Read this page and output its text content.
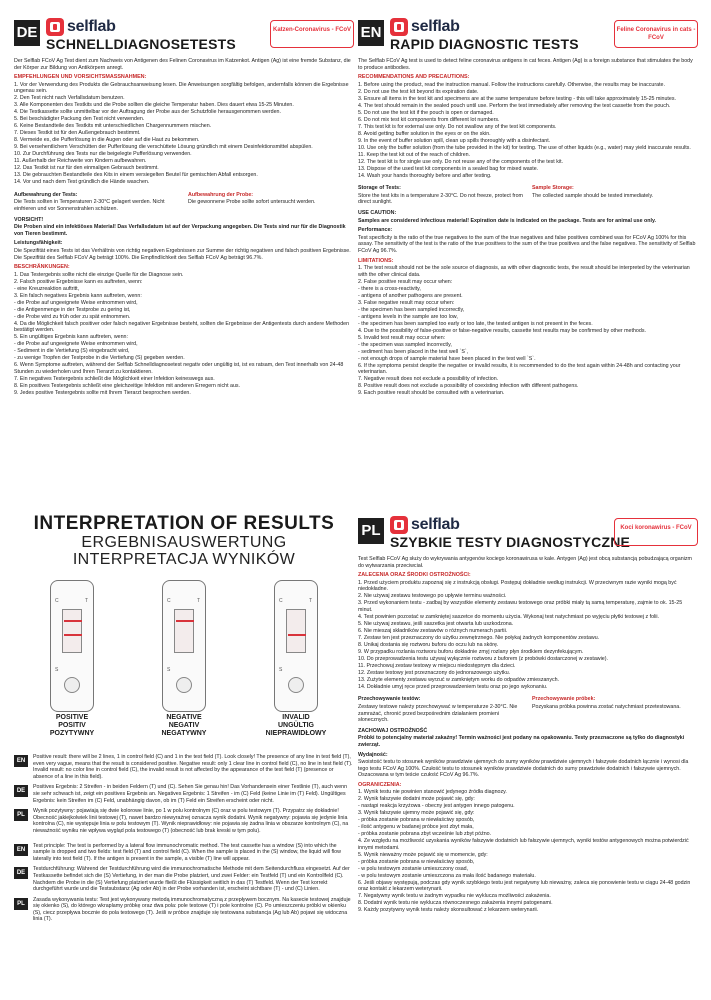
DE selflab
SCHNELLDIAGNOSETESTS
Katzen-Coronavirus - FCoV

Der Selflab FCoV Ag Test dient zum Nachweis von Antigenen des Felinen Coronavirus im Katzenkot. Antigen (Ag) ist eine fremde Substanz, die der Körper zur Bildung von Antikörpern anregt.

EMPFEHLUNGEN UND VORSICHTSMASSNAHMEN:

1. Vor der Verwendung des Produkts die Gebrauchsanweisung lesen. Die Anweisungen sorgfältig befolgen, andernfalls können die Ergebnisse ungenau sein.

2. Den Test nicht nach Verfallsdatum benutzen.

3. Alle Komponenten des Testkits und die Probe sollten die gleiche Temperatur haben. Dies dauert etwa 15-25 Minuten.

4. Die Testkassette sollte unmittelbar vor der Auftragung der Probe aus der Schutzfolie herausgenommen werden.

5. Bei beschädigter Packung den Test nicht verwenden.

6. Keine Bestandteile des Testkits mit unterschiedlichen Chargennummern mischen.

7. Dieses Testkit ist für den Außengebrauch bestimmt.

8. Vermeide es, die Pufferlösung in die Augen oder auf die Haut zu bekommen.

9. Bei versehentlichem Verschütten der Pufferlösung die verschüttete Lösung gründlich mit einem Desinfektionsmittel abspülen.

10. Zur Durchführung des Tests nur die beigelegte Pufferlösung verwenden.

11. Außerhalb der Reichweite von Kindern aufbewahren.

12. Das Testkit ist nur für den einmaligen Gebrauch bestimmt.

13. Die gebrauchten Bestandteile des Kits in einem versiegelten Beutel für gemischten Abfall entsorgen.

14. Vor und nach dem Test gründlich die Hände waschen.

Aufbewahrung der Tests:

Die Tests sollten in Temperaturen 2-30°C gelagert werden. Nicht einfrieren und vor Sonnenstrahlen schützen.

Aufbewahrung der Probe:

Die gewonnene Probe sollte sofort untersucht werden.

VORSICHT!

Die Proben sind ein infektiöses Material! Das Verfallsdatum ist auf der Verpackung angegeben. Die Tests sind nur für die Diagnostik von Tieren bestimmt.

Leistungsfähigkeit:

Die Spezifität eines Tests ist das Verhältnis von richtig negativen Ergebnissen zur Summe der richtig negativen und falsch positiven Ergebnisse. Die Spezifität des Selflab FCoV Ag beträgt 100%. Die Empfindlichkeit des Selflab FCoV Ag beträgt 96.7%.

BESCHRÄNKUNGEN:

1. Das Testergebnis sollte nicht die einzige Quelle für die Diagnose sein.

2. Falsch positive Ergebnisse kann es auftreten, wenn:

- eine Kreuzreaktion auftritt,

3. Ein falsch negatives Ergebnis kann auftreten, wenn:

- die Probe auf ungeeignete Weise entnommen wird,

- die Antigenmenge in der Testprobe zu gering ist,

- die Probe wird zu früh oder zu spät entnommen.

4. Da die Möglichkeit falsch positiver oder falsch negativer Ergebnisse besteht, sollten die Ergebnisse der Antigentests durch andere Methoden bestätigt werden.

5. Ein ungültiges Ergebnis kann auftreten, wenn:

- die Probe auf ungeeignete Weise entnommen wird,

- Sediment in die Vertiefung (S) eingebracht wird,

- zu wenige Tropfen der Testprobe in die Vertiefung (S) gegeben werden.

6. Wenn Symptome auftreten, während der Selflab Schnelldiagnosetest negativ oder ungültig ist, ist es ratsam, den Test innerhalb von 24-48 Stunden zu wiederholen und Ihren Tierarzt zu kontaktieren.

7. Ein negatives Testergebnis schließt die Möglichkeit einer Infektion keineswegs aus.

8. Ein positives Testergebnis schließt eine gleichzeitige Infektion mit anderen Erregern nicht aus.

9. Jedes positive Testergebnis sollte mit Ihrem Tierarzt besprochen werden.

EN selflab
RAPID DIAGNOSTIC TESTS
Feline Coronavirus in cats - FCoV

The Selflab FCoV Ag test is used to detect feline coronavirus antigens in cat feces. Antigen (Ag) is a foreign substance that stimulates the body to produce antibodies.

RECOMMENDATIONS AND PRECAUTIONS:

1. Before using the product, read the instruction manual. Follow the instructions carefully. Otherwise, the results may be inaccurate.

2. Do not use the test kit beyond its expiration date.

3. Ensure all items in the test kit and specimens are at the same temperature before testing - this will take approximately 15-25 minutes.

4. The test should remain in the sealed pouch until use. Perform the test immediately after removing the test cassette from the pouch.

5. Do not use the test kit if the pouch is open or damaged.

6. Do not mix test kit components from different lot numbers.

7. This test kit is for external use only. Do not swallow any of the test kit components.

8. Avoid getting buffer solution in the eyes or on the skin.

9. In the event of buffer solution spill, clean up spills thoroughly with a disinfectant.

10. Use only the buffer solution (from the tube provided in the kit) for testing. The use of other liquids (e.g., water) may yield inaccurate results.

11. Keep the test kit out of the reach of children.

12. The test kit is for single use only. Do not reuse any of the components of the test kit.

13. Dispose of the used test kit components in a sealed bag for mixed waste.

14. Wash your hands thoroughly before and after testing.

Storage of Tests:

Store the test kits in a temperature 2-30°C. Do not freeze, protect from direct sunlight.

Sample Storage:

The collected sample should be tested immediately.

USE CAUTION:

Samples are considered infectious material! Expiration date is indicated on the package. Tests are for animal use only.

Performance:

Test specificity is the ratio of the true negatives to the sum of the true negatives and false positives combined was for FCoV Ag 100% for this assay. The sensitivity of the test is the ratio of the true positives to the sum of the true positives and the false negatives. The sensitivity of Selflab FCoV Ag 96.7%.

LIMITATIONS:

1. The test result should not be the sole source of diagnosis, as with other diagnostic tests, the result should be interpreted by the veterinarian with the other clinical data.

2. False positive result may occur when:

- there is a cross-reactivity,

- antigens of another pathogens are present.

3. False negative result may occur when:

- the specimen has been sampled incorrectly,

- antigens levels in the sample are too low,

- the specimen has been sampled too early or too late, the tested antigen is not present in the feces.

4. Due to the possibility of false-positive or false-negative results, cassette test results may be confirmed by other methods.

5. Invalid test result may occur when:

- the specimen was sampled incorrectly,

- sediment has been placed in the test well `S`,

- not enough drops of sample material have been placed in the test well `S`.

6. If the symptoms persist despite the negative or invalid results, it is recommended to do the test again within 24-48h and contacting your veterinarian.

7. Negative result does not exclude a possibility of infection.

8. Positive result does not exclude a possibility of coexisting infection with different pathogens.

9. Each positive result should be consulted with a veterinarian.

INTERPRETATION OF RESULTS
ERGEBNISAUSWERTUNG
INTERPRETACJA WYNIKÓW
C	T
S
C	T
S
C	T
S
POSITIVE
POSITIV
POZYTYWNY
NEGATIVE
NEGATIV
NEGATYWNY
INVALID
UNGÜLTIG
NIEPRAWIDŁOWY
EN
Positive result: there will be 2 lines, 1 in control field (C) and 1 in the test field (T). Look closely! The presence of any line in test field (T), even very vague, means that the result is considered positive. Negative result: only 1 clear line in control field (C), no line in test field (T). Invalid result: no color line in control field (C), the invalid result is not affected by the appearance of the test field (T) (presence or absence of a line in this field).
DE
Positives Ergebnis: 2 Streifen - in beiden Feldern (T) und (C). Sehen Sie genau hin! Das Vorhandensein einer Testlinie (T), auch wenn sie sehr schwach ist, zeigt ein positives Ergebnis an. Negatives Ergebnis: 1 Streifen - im (C) Feld (keine Linie im (T) Feld). Ungültiges Ergebnis: kein Streifen im (C) Feld, unabhängig davon, ob im (T) Feld ein Streifen erscheint oder nicht.
PL
Wynik pozytywny: pojawiają się dwie kolorowe linie, po 1 w polu kontrolnym (C) oraz w polu testowym (T). Przypatrz się dokładnie! Obecność jakiejkolwiek linii testowej (T), nawet bardzo niewyraźnej oznacza wynik dodatni. Wynik negatywny: pojawia się jedynie linia kontrolna (C), nie występuje linia w polu testowym (T). Wynik nieprawidłowy: nie pojawia się żadna linia w obszarze kontrolnym (C), na nieważność wyniku nie wpływa wygląd pola testowego (T) (obecność lub brak kreski w tym polu).
EN
Test principle: The test is performed by a lateral flow immunochromatic method. The test cassette has a window (S) into which the sample is dropped and two fields: test field (T) and control field (C). When the sample is placed in the (S) window, the liquid will flow laterally into test field (T). If the antigen is present in the sample, a visible (T) line will appear.
DE
Testdurchführung: Während der Testdurchführung wird die immunochromatische Methode mit dem Seitendurchfluss eingesetzt. Auf der Testkassette befindet sich die (S) Vertiefung, in der man die Probe platziert, und zwei Felder: ein Testfeld (T) und ein Kontrollfeld (C). Nachdem die Probe in die (S) Vertiefung platziert wurde fließt die Flüssigkeit seitlich in das (T) Testfeld. Wenn der Test korrekt durchgeführt wurde und die Testsubstanz (Ag oder Ab) in der Probe vorhanden ist, erscheint sichtbare (T) - und (C) Linien.
PL
Zasada wykonywania testu: Test jest wykonywany metodą immunochromatyczną z przepływem bocznym. Na kasecie testowej znajduje się okienko (S), do którego wkraplamy próbkę oraz dwa pola: pole testowe (T) i pole kontrolne (C). Po umieszczeniu próbki w okienku (S), ciecz przepływa bocznie do pola testowego (T). Jeśli w próbce znajduje się testowana substancja (Ag lub Ab) pojawi się widoczna linia (T).
PL selflab
SZYBKIE TESTY DIAGNOSTYCZNE
Koci koronawirus - FCoV

Test Selflab FCoV Ag służy do wykrywania antygenów kociego koronawirusa w kale. Antygen (Ag) jest obcą substancją pobudzającą organizm do wytwarzania przeciwciał.

ZALECENIA ORAZ ŚRODKI OSTROŻNOŚCI:

1. Przed użyciem produktu zapoznaj się z instrukcją obsługi. Postępuj dokładnie według instrukcji. W przeciwnym razie wyniki mogą być niedokładne.

2. Nie używaj zestawu testowego po upływie terminu ważności.

3. Przed wykonaniem testu - zadbaj by wszystkie elementy zestawu testowego oraz próbki miały tą samą temperaturę, zajmie to ok. 15-25 minut.

4. Test powinien pozostać w zamkniętej saszetce do momentu użycia. Wykonaj test natychmiast po wyjęciu płytki testowej z folii.

5. Nie używaj zestawu, jeśli saszetka jest otwarta lub uszkodzona.

6. Nie mieszaj składników zestawów o różnych numerach partii.

7. Zestaw ten jest przeznaczony do użytku zewnętrznego. Nie połykaj żadnych komponentów zestawu.

8. Unikaj dostania się roztworu buforu do oczu lub na skórę.

9. W przypadku rozlania roztworu buforu dokładnie zmyj rozlany płyn środkiem dezynfekującym.

10. Do przeprowadzenia testu używaj wyłącznie roztworu z buforem (z probówki dostarczonej w zestawie).

11. Przechowuj zestaw testowy w miejscu niedostępnym dla dzieci.

12. Zestaw testowy jest przeznaczony do jednorazowego użytku.

13. Zużyte elementy zestawu wyrzuć w zamkniętym worku do odpadów zmieszanych.

14. Dokładnie umyj ręce przed przeprowadzeniem testu oraz po jego wykonaniu.

Przechowywanie testów:

Zestawy testowe należy przechowywać w temperaturze 2-30°C. Nie zamrażać, chronić przed bezpośrednim działaniem promieni słonecznych.

Przechowywanie próbek:

Pozyskana próbka powinna zostać natychmiast przetestowana.

ZACHOWAJ OSTROŻNOŚĆ

Próbki to potencjalny materiał zakaźny! Termin ważności jest podany na opakowaniu. Testy przeznaczone są tylko do diagnostyki zwierząt.

Wydajność:

Swoistość testu to stosunek wyników prawdziwie ujemnych do sumy wyników prawdziwie ujemnych i fałszywie dodatnich łącznie i wynosi dla tego testu FCoV Ag 100%. Czułość testu to stosunek wyników prawdziwie dodatnich do sumy prawdziwie dodatnich i fałszywie ujemnych. Oszacowana w tym teście czułość FCoV Ag 96.7%.

OGRANICZENIA:

1. Wynik testu nie powinien stanowić jedynego źródła diagnozy.

2. Wynik fałszywie dodatni może pojawić się, gdy:

- nastąpi reakcja krzyżowa - obecny jest antygen innego patogenu.

3. Wynik fałszywie ujemny może pojawić się, gdy:

- próbka zostanie pobrana w niewłaściwy sposób,

- ilość antygenu w badanej próbce jest zbyt mała,

- próbka zostanie pobrana zbyt wcześnie lub zbyt późno.

4. Ze względu na możliwość uzyskania wyników fałszywie dodatnich lub fałszywie ujemnych, wyniki testów antygenowych można potwierdzić innymi metodami.

5. Wynik nieważny może pojawić się w momencie, gdy:

- próbka zostanie pobrana w niewłaściwy sposób,

- w polu testowym zostanie umieszczony osad,

- w polu testowym zostanie umieszczona za mała ilość badanego materiału.

6. Jeśli objawy występują, podczas gdy wynik szybkiego testu jest negatywny lub nieważny, zaleca się ponowienie testu w ciągu 24-48 godzin oraz kontakt z lekarzem weterynarii.

7. Negatywny wynik testu w żadnym wypadku nie wyklucza możliwości zakażenia.

8. Dodatni wynik testu nie wyklucza równoczesnego zakażenia innymi patogenami.

9. Każdy pozytywny wynik testu należy skonsultować z lekarzem weterynarii.
